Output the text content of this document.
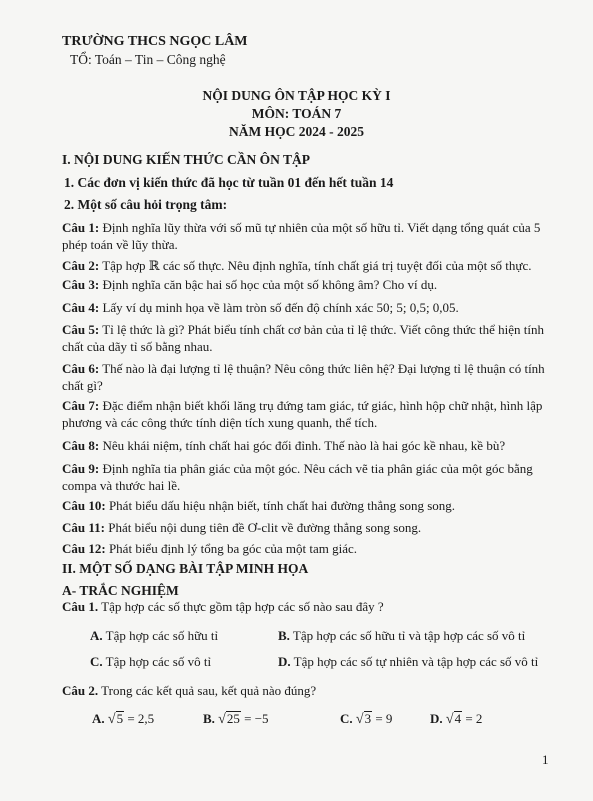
TRƯỜNG THCS NGỌC LÂM
TỔ: Toán – Tin – Công nghệ
NỘI DUNG ÔN TẬP HỌC KỲ I
MÔN: TOÁN 7
NĂM HỌC 2024 - 2025
I. NỘI DUNG KIẾN THỨC CẦN ÔN TẬP
1. Các đơn vị kiến thức đã học từ tuần 01 đến hết tuần 14
2. Một số câu hỏi trọng tâm:
Câu 1: Định nghĩa lũy thừa với số mũ tự nhiên của một số hữu tỉ. Viết dạng tổng quát của 5 phép toán về lũy thừa.
Câu 2: Tập hợp ℝ các số thực. Nêu định nghĩa, tính chất giá trị tuyệt đối của một số thực.
Câu 3: Định nghĩa căn bậc hai số học của một số không âm? Cho ví dụ.
Câu 4: Lấy ví dụ minh họa về làm tròn số đến độ chính xác 50; 5; 0,5; 0,05.
Câu 5: Tỉ lệ thức là gì? Phát biểu tính chất cơ bản của tỉ lệ thức. Viết công thức thể hiện tính chất của dãy tỉ số bằng nhau.
Câu 6: Thế nào là đại lượng tỉ lệ thuận? Nêu công thức liên hệ? Đại lượng tỉ lệ thuận có tính chất gì?
Câu 7: Đặc điểm nhận biết khối lăng trụ đứng tam giác, tứ giác, hình hộp chữ nhật, hình lập phương và các công thức tính diện tích xung quanh, thể tích.
Câu 8: Nêu khái niệm, tính chất hai góc đối đỉnh. Thế nào là hai góc kề nhau, kề bù?
Câu 9: Định nghĩa tia phân giác của một góc. Nêu cách vẽ tia phân giác của một góc bằng compa và thước hai lề.
Câu 10: Phát biểu dấu hiệu nhận biết, tính chất hai đường thẳng song song.
Câu 11: Phát biểu nội dung tiên đề Ơ-clit về đường thẳng song song.
Câu 12: Phát biểu định lý tổng ba góc của một tam giác.
II. MỘT SỐ DẠNG BÀI TẬP MINH HỌA
A- TRẮC NGHIỆM
Câu 1. Tập hợp các số thực gồm tập hợp các số nào sau đây ?
A. Tập hợp các số hữu tỉ	B. Tập hợp các số hữu tỉ và tập hợp các số vô tỉ
C. Tập hợp các số vô tỉ	D. Tập hợp các số tự nhiên và tập hợp các số vô tỉ
Câu 2. Trong các kết quả sau, kết quả nào đúng?
A. √5 = 2,5	B. √25 = −5	C. √3 = 9	D. √4 = 2
1
